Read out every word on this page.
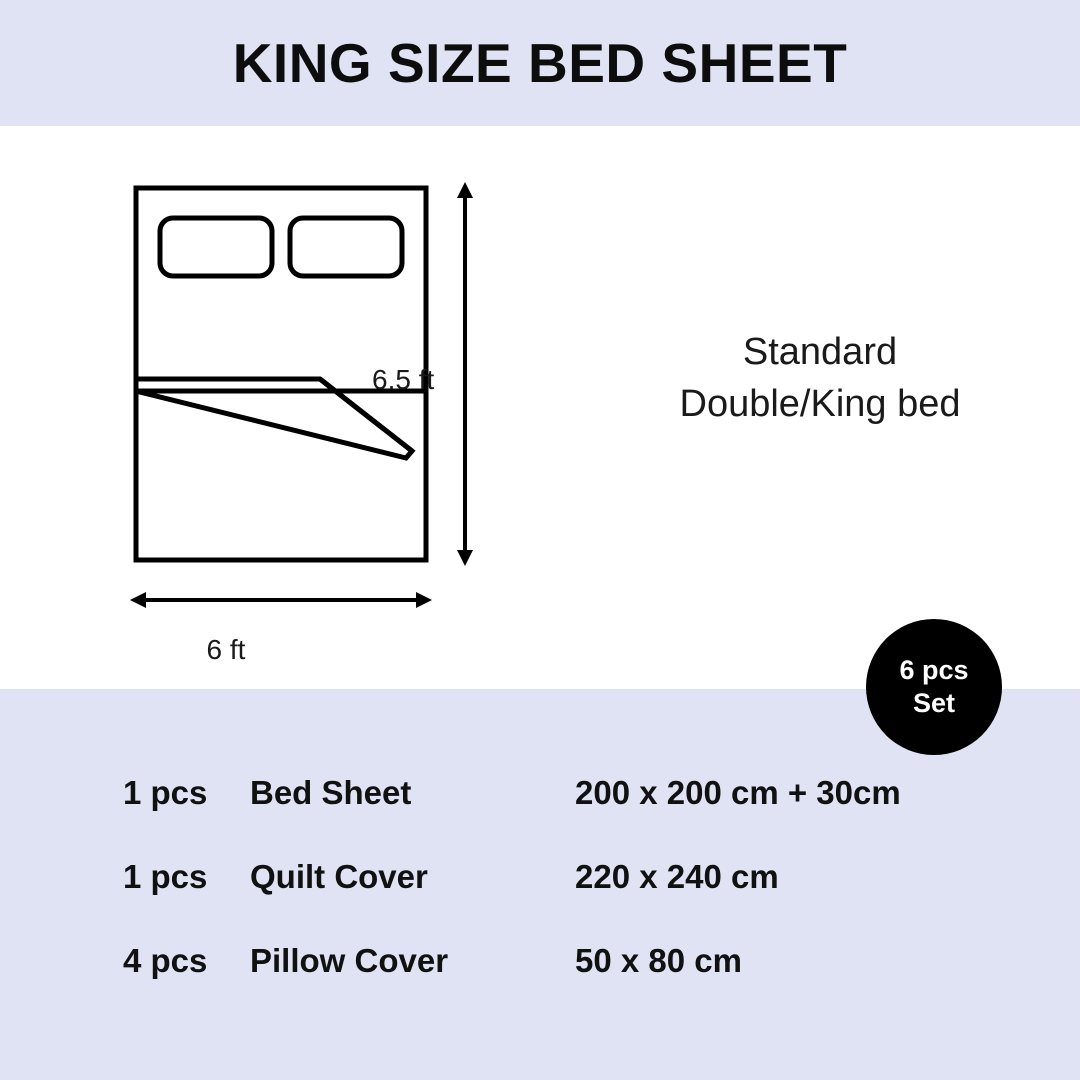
KING SIZE BED SHEET
6.5 ft
6 ft
Standard
Double/King bed
6 pcs
Set
1 pcs	Bed Sheet	200 x 200 cm + 30cm
1 pcs	Quilt Cover	220 x 240 cm
4 pcs	Pillow Cover	50 x 80 cm
